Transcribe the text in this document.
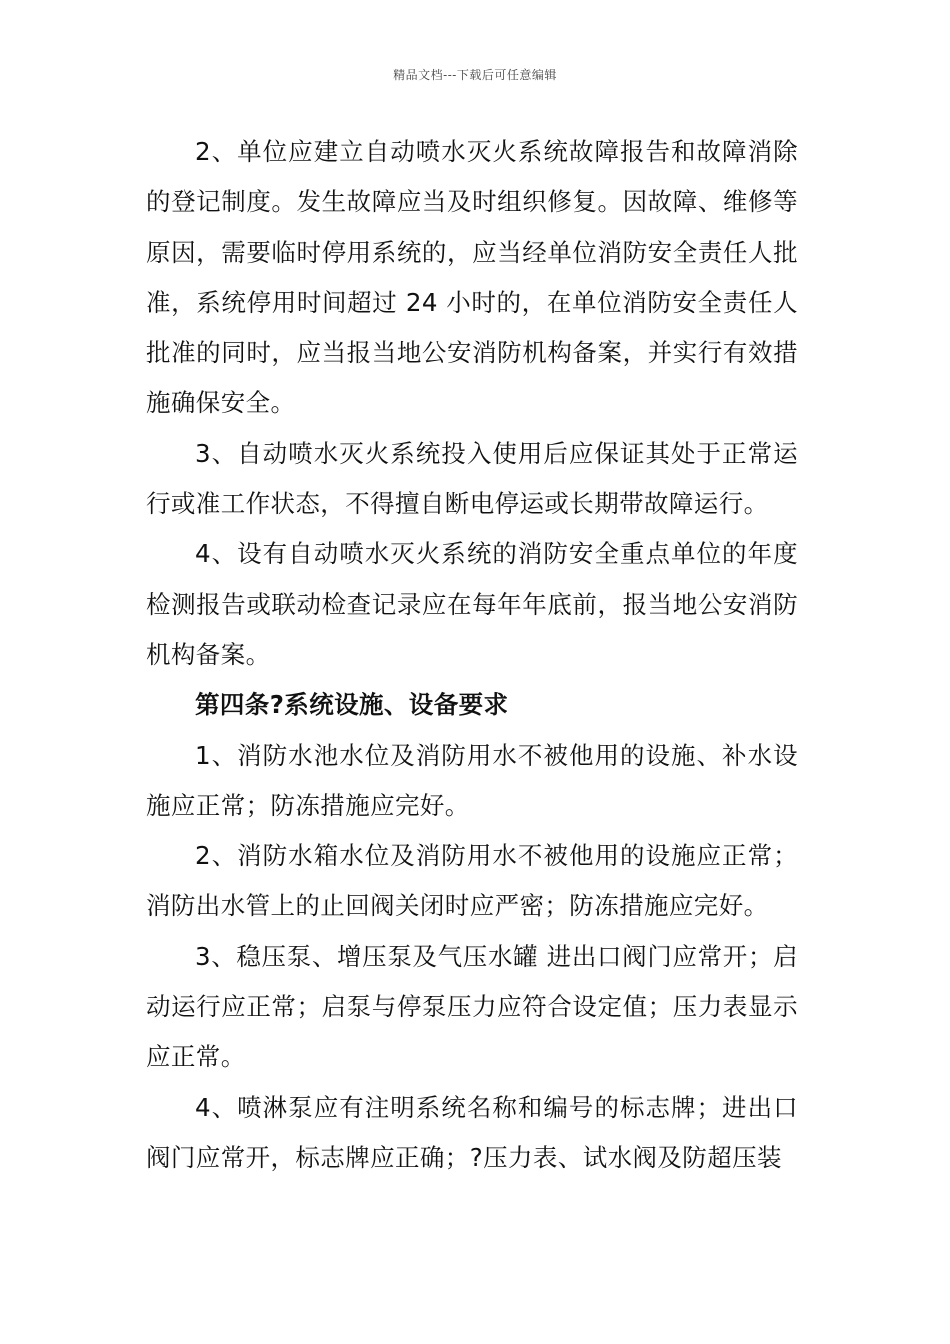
精品文档---下载后可任意编辑

2、单位应建立自动喷水灭火系统故障报告和故障消除的登记制度。发生故障应当及时组织修复。因故障、维修等原因，需要临时停用系统的，应当经单位消防安全责任人批准，系统停用时间超过 24 小时的，在单位消防安全责任人批准的同时，应当报当地公安消防机构备案，并实行有效措施确保安全。

3、自动喷水灭火系统投入使用后应保证其处于正常运行或准工作状态，不得擅自断电停运或长期带故障运行。

4、设有自动喷水灭火系统的消防安全重点单位的年度检测报告或联动检查记录应在每年年底前，报当地公安消防机构备案。

第四条?系统设施、设备要求

1、消防水池水位及消防用水不被他用的设施、补水设施应正常；防冻措施应完好。

2、消防水箱水位及消防用水不被他用的设施应正常；消防出水管上的止回阀关闭时应严密；防冻措施应完好。

3、稳压泵、增压泵及气压水罐 进出口阀门应常开；启动运行应正常；启泵与停泵压力应符合设定值；压力表显示应正常。

4、喷淋泵应有注明系统名称和编号的标志牌；进出口阀门应常开，标志牌应正确；?压力表、试水阀及防超压装
